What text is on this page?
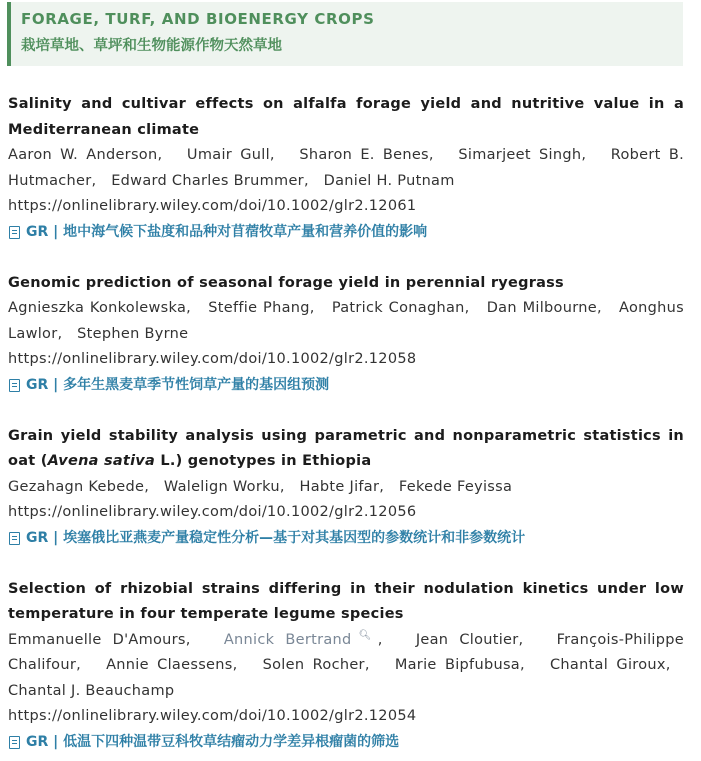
FORAGE, TURF, AND BIOENERGY CROPS
栽培草地、草坪和生物能源作物天然草地
Salinity and cultivar effects on alfalfa forage yield and nutritive value in a Mediterranean climate
Aaron W. Anderson,   Umair Gull,   Sharon E. Benes,   Simarjeet Singh,   Robert B. Hutmacher,   Edward Charles Brummer,   Daniel H. Putnam
https://onlinelibrary.wiley.com/doi/10.1002/glr2.12061
GR | 地中海气候下盐度和品种对苜蓿牧草产量和营养价值的影响
Genomic prediction of seasonal forage yield in perennial ryegrass
Agnieszka Konkolewska,   Steffie Phang,   Patrick Conaghan,   Dan Milbourne,   Aonghus Lawlor,   Stephen Byrne
https://onlinelibrary.wiley.com/doi/10.1002/glr2.12058
GR | 多年生黑麦草季节性饲草产量的基因组预测
Grain yield stability analysis using parametric and nonparametric statistics in oat (Avena sativa L.) genotypes in Ethiopia
Gezahagn Kebede,   Walelign Worku,   Habte Jifar,   Fekede Feyissa
https://onlinelibrary.wiley.com/doi/10.1002/glr2.12056
GR | 埃塞俄比亚燕麦产量稳定性分析—基于对其基因型的参数统计和非参数统计
Selection of rhizobial strains differing in their nodulation kinetics under low temperature in four temperate legume species
Emmanuelle D'Amours,   Annick Bertrand🔍︎,   Jean Cloutier,   François-Philippe Chalifour,   Annie Claessens,   Solen Rocher,   Marie Bipfubusa,   Chantal Giroux,   Chantal J. Beauchamp
https://onlinelibrary.wiley.com/doi/10.1002/glr2.12054
GR | 低温下四种温带豆科牧草结瘤动力学差异根瘤菌的筛选
